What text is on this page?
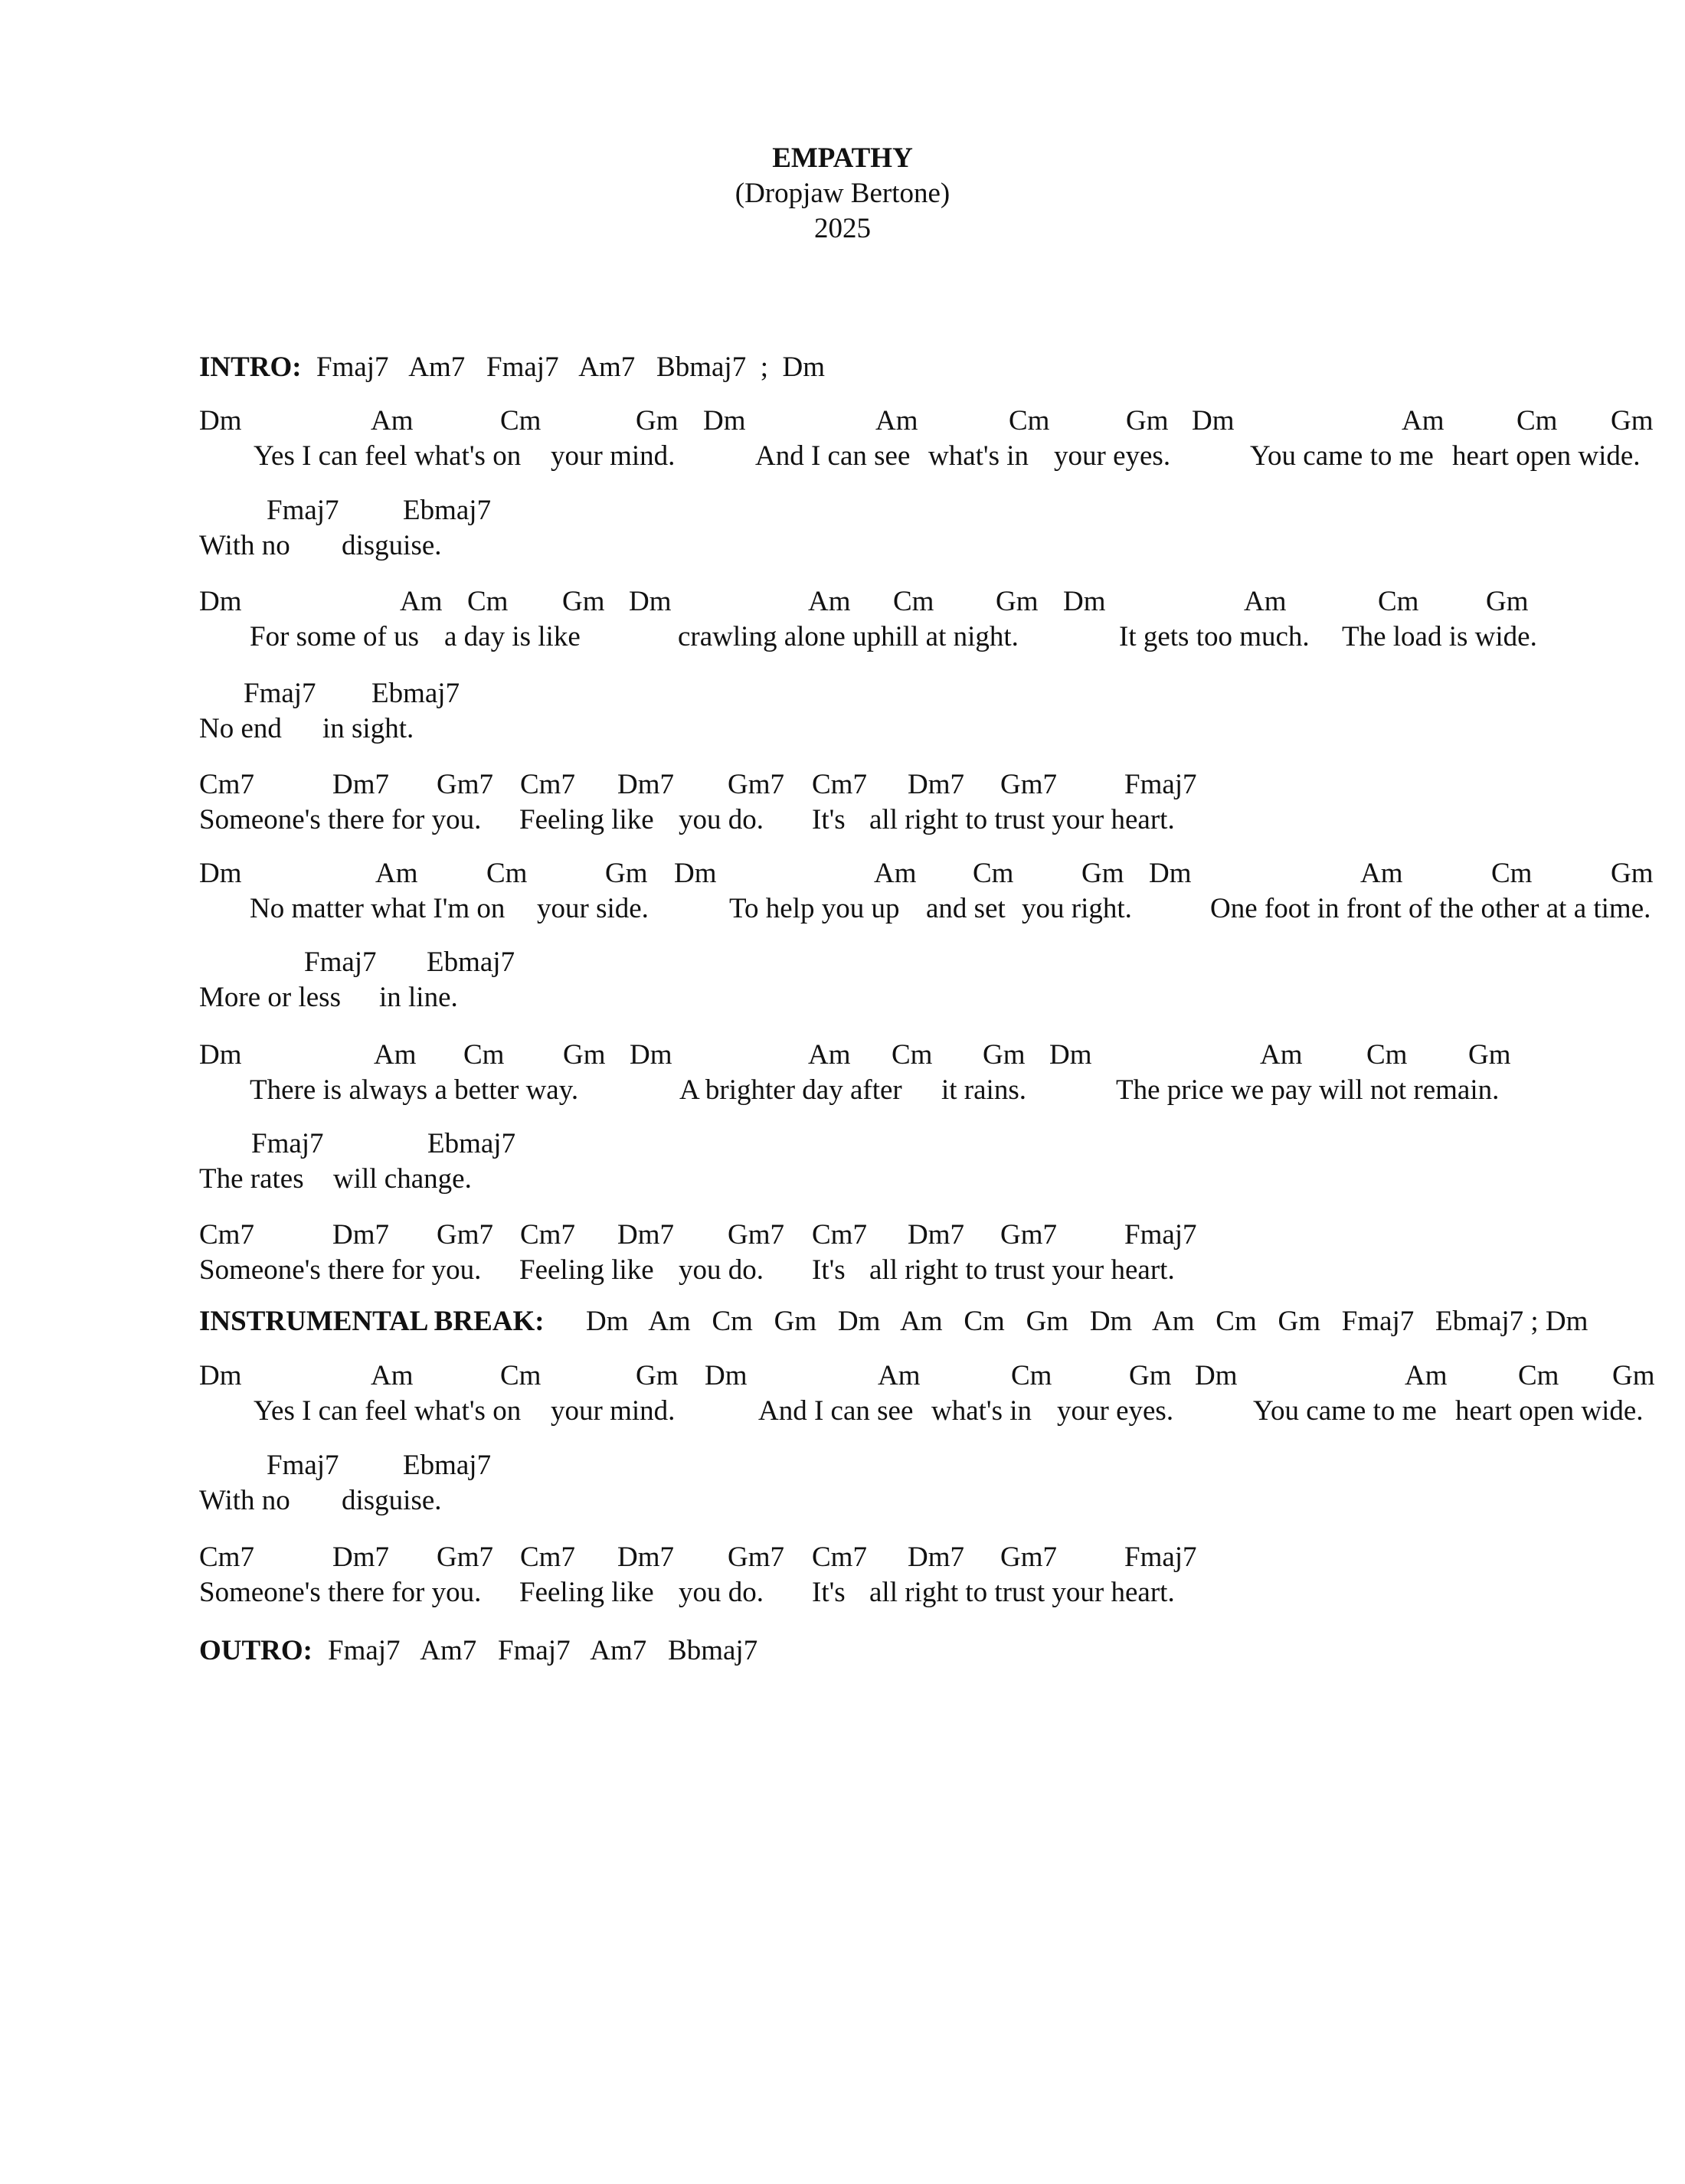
EMPATHY
(Dropjaw Bertone)
2025

INTRO:

Fmaj7   Am7   Fmaj7   Am7   Bbmaj7  ;  Dm

Dm

	Am

	Cm

	Gm

Dm

	Am

	Cm

	Gm

Dm

	Am

	Cm

Gm

Yes I can feel what's on

your mind.

	And I can see

what's in

your eyes.

	You came to me

heart open wide.

Fmaj7

Ebmaj7

With no

disguise.

Dm

	Am

Cm

Gm

Dm

	Am

Cm

Gm

Dm

	Am

	Cm

Gm

For some of us

a day is like

	crawling alone uphill at night.

	It gets too much.

The load is wide.

Fmaj7

Ebmaj7

No end

in sight.

Cm7

	Dm7

Gm7

Cm7

Dm7

Gm7

Cm7

Dm7

Gm7

Fmaj7

Someone's there for you.

Feeling like

you do.

It's

all right to trust your heart.

Dm

	Am

Cm

	Gm

Dm

	Am

Cm

Gm

Dm

	Am

	Cm

	Gm

No matter what I'm on

your side.

	To help you up

and set

you right.

	One foot in front of the other at a time.

Fmaj7

Ebmaj7

More or less

in line.

Dm

	Am

Cm

Gm

Dm

	Am

Cm

Gm

Dm

	Am

Cm

Gm

There is always a better way.

	A brighter day after

it rains.

	The price we pay will not remain.

Fmaj7

	Ebmaj7

The rates

will change.

Cm7

	Dm7

Gm7

Cm7

Dm7

Gm7

Cm7

Dm7

Gm7

Fmaj7

Someone's there for you.

Feeling like

you do.

It's

all right to trust your heart.

INSTRUMENTAL BREAK:

Dm   Am   Cm   Gm   Dm   Am   Cm   Gm   Dm   Am   Cm   Gm   Fmaj7   Ebmaj7 ; Dm

Dm

	Am

	Cm

	Gm

Dm

	Am

	Cm

	Gm

Dm

	Am

	Cm

Gm

Yes I can feel what's on

your mind.

	And I can see

what's in

your eyes.

	You came to me

heart open wide.

Fmaj7

Ebmaj7

With no

disguise.

Cm7

	Dm7

Gm7

Cm7

Dm7

Gm7

Cm7

Dm7

Gm7

Fmaj7

Someone's there for you.

Feeling like

you do.

It's

all right to trust your heart.

OUTRO:

Fmaj7   Am7   Fmaj7   Am7   Bbmaj7
